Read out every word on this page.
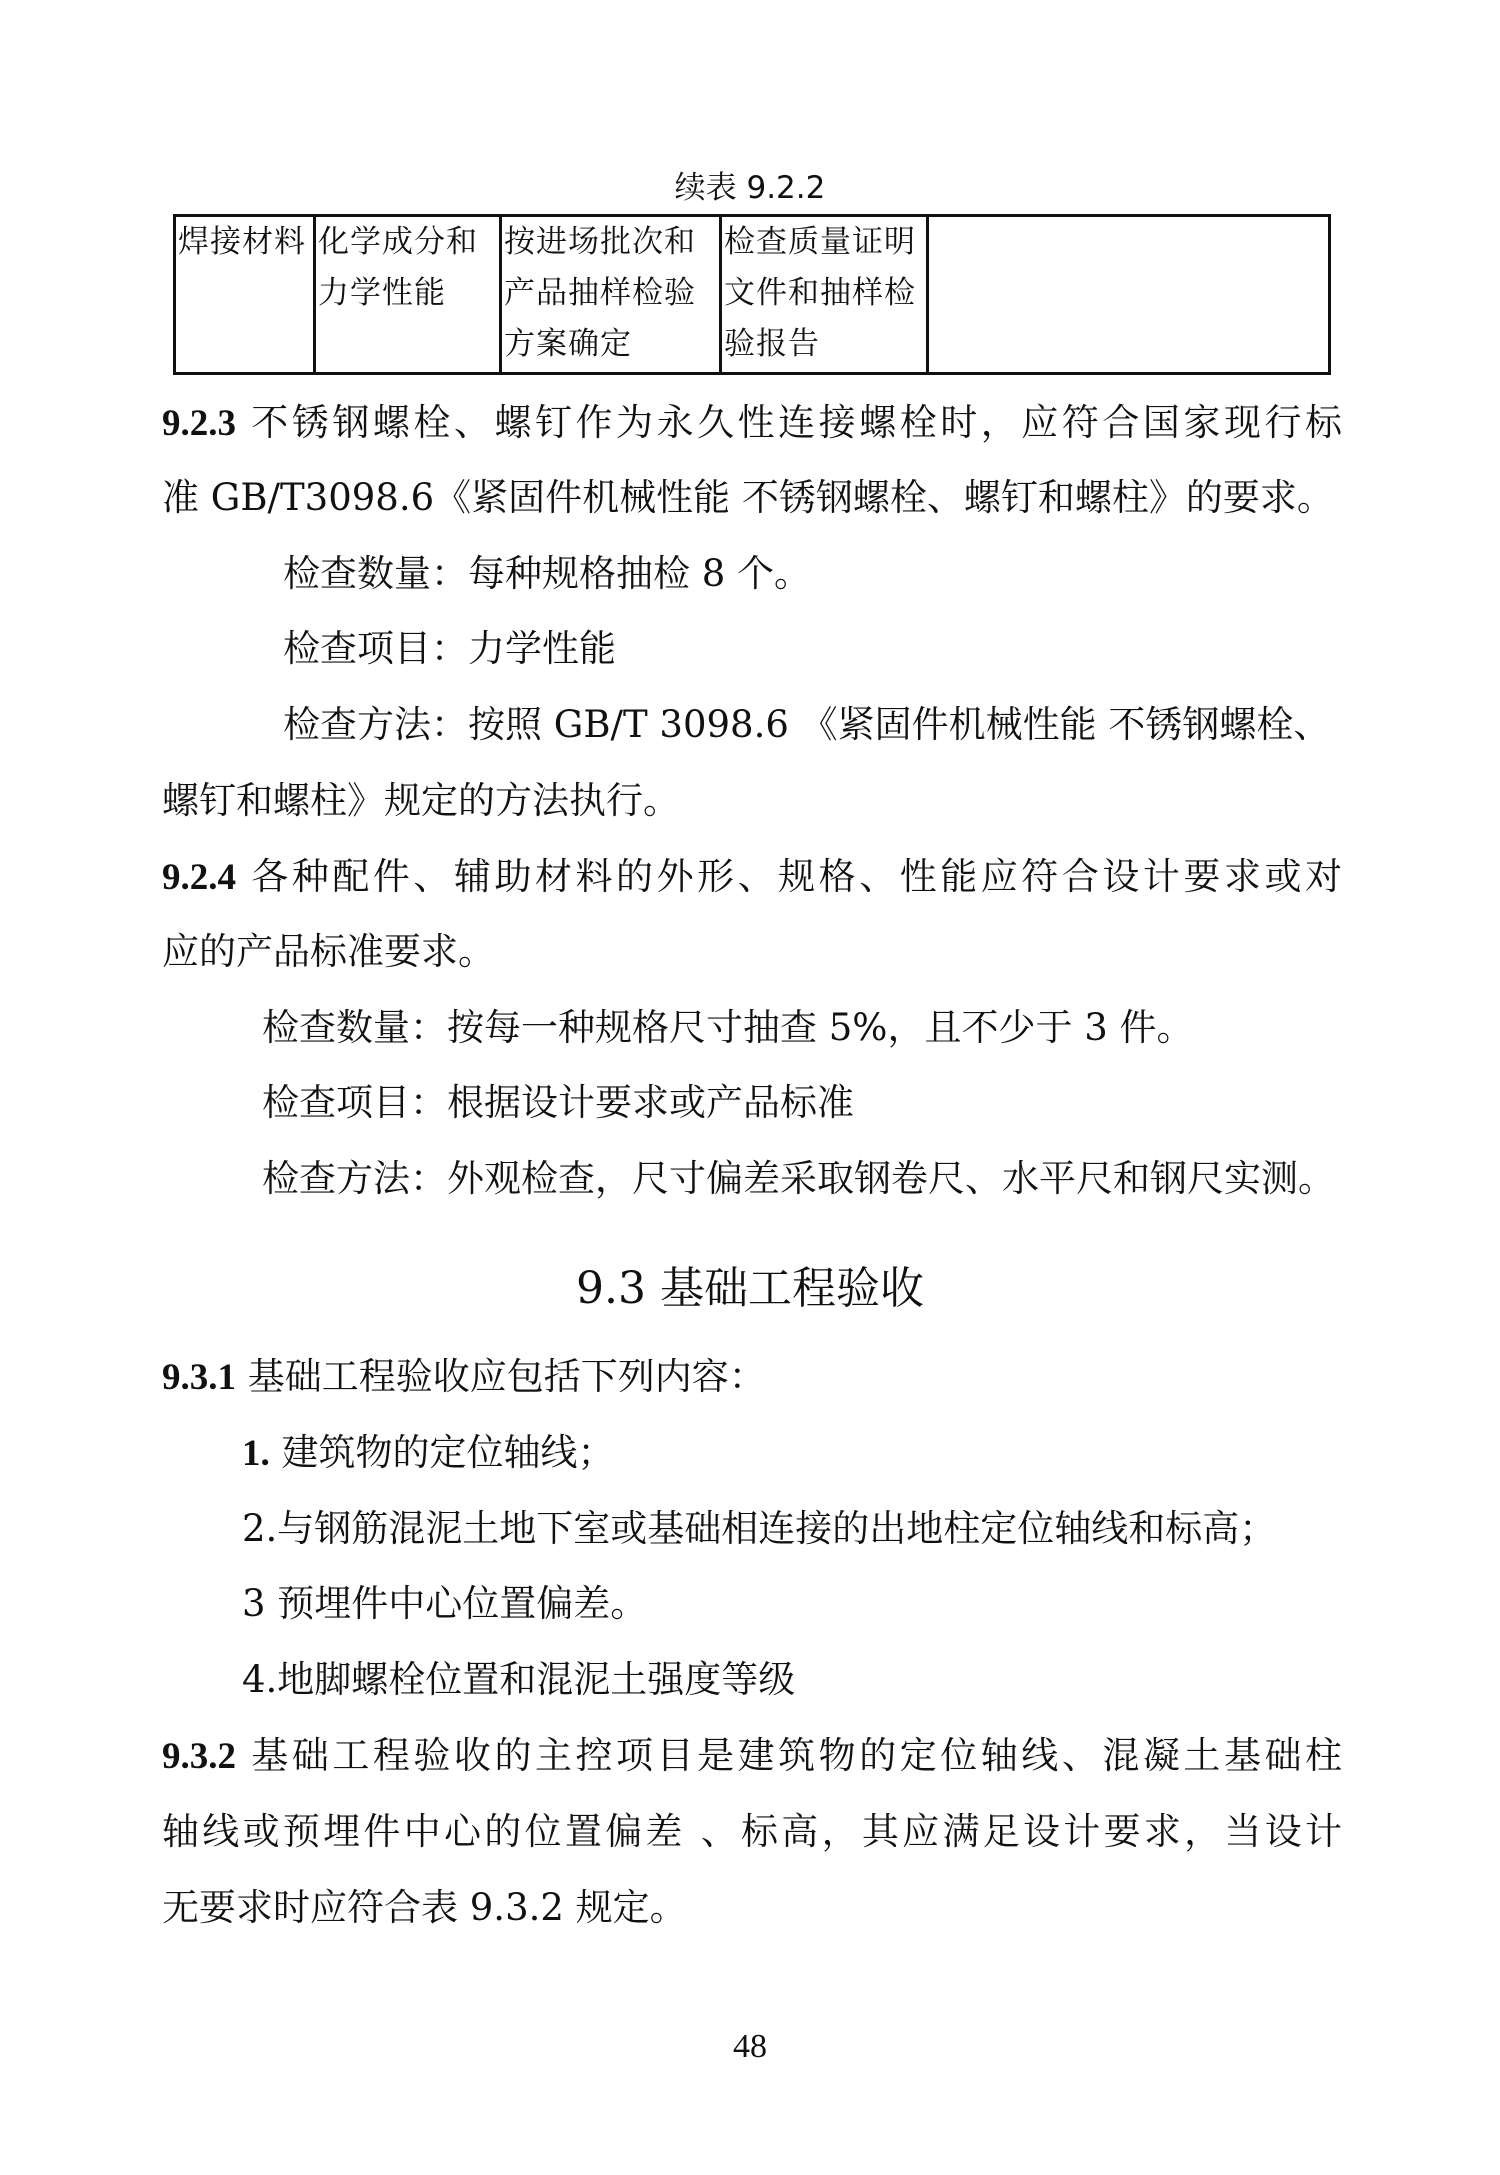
续表 9.2.2
焊接材料	化学成分和力学性能	按进场批次和产品抽样检验方案确定	检查质量证明文件和抽样检验报告	
9.2.3 不锈钢螺栓、螺钉作为永久性连接螺栓时，应符合国家现行标
准 GB/T3098.6《紧固件机械性能 不锈钢螺栓、螺钉和螺柱》的要求。
检查数量：每种规格抽检 8 个。
检查项目：力学性能
检查方法：按照 GB/T 3098.6 《紧固件机械性能 不锈钢螺栓、
螺钉和螺柱》规定的方法执行。
9.2.4 各种配件、辅助材料的外形、规格、性能应符合设计要求或对
应的产品标准要求。
检查数量：按每一种规格尺寸抽查 5%，且不少于 3 件。
检查项目：根据设计要求或产品标准
检查方法：外观检查，尺寸偏差采取钢卷尺、水平尺和钢尺实测。
9.3 基础工程验收
9.3.1 基础工程验收应包括下列内容：
1. 建筑物的定位轴线；
2.与钢筋混泥土地下室或基础相连接的出地柱定位轴线和标高；
3 预埋件中心位置偏差。
4.地脚螺栓位置和混泥土强度等级
9.3.2 基础工程验收的主控项目是建筑物的定位轴线、混凝土基础柱
轴线或预埋件中心的位置偏差 、标高，其应满足设计要求，当设计
无要求时应符合表 9.3.2 规定。
48
